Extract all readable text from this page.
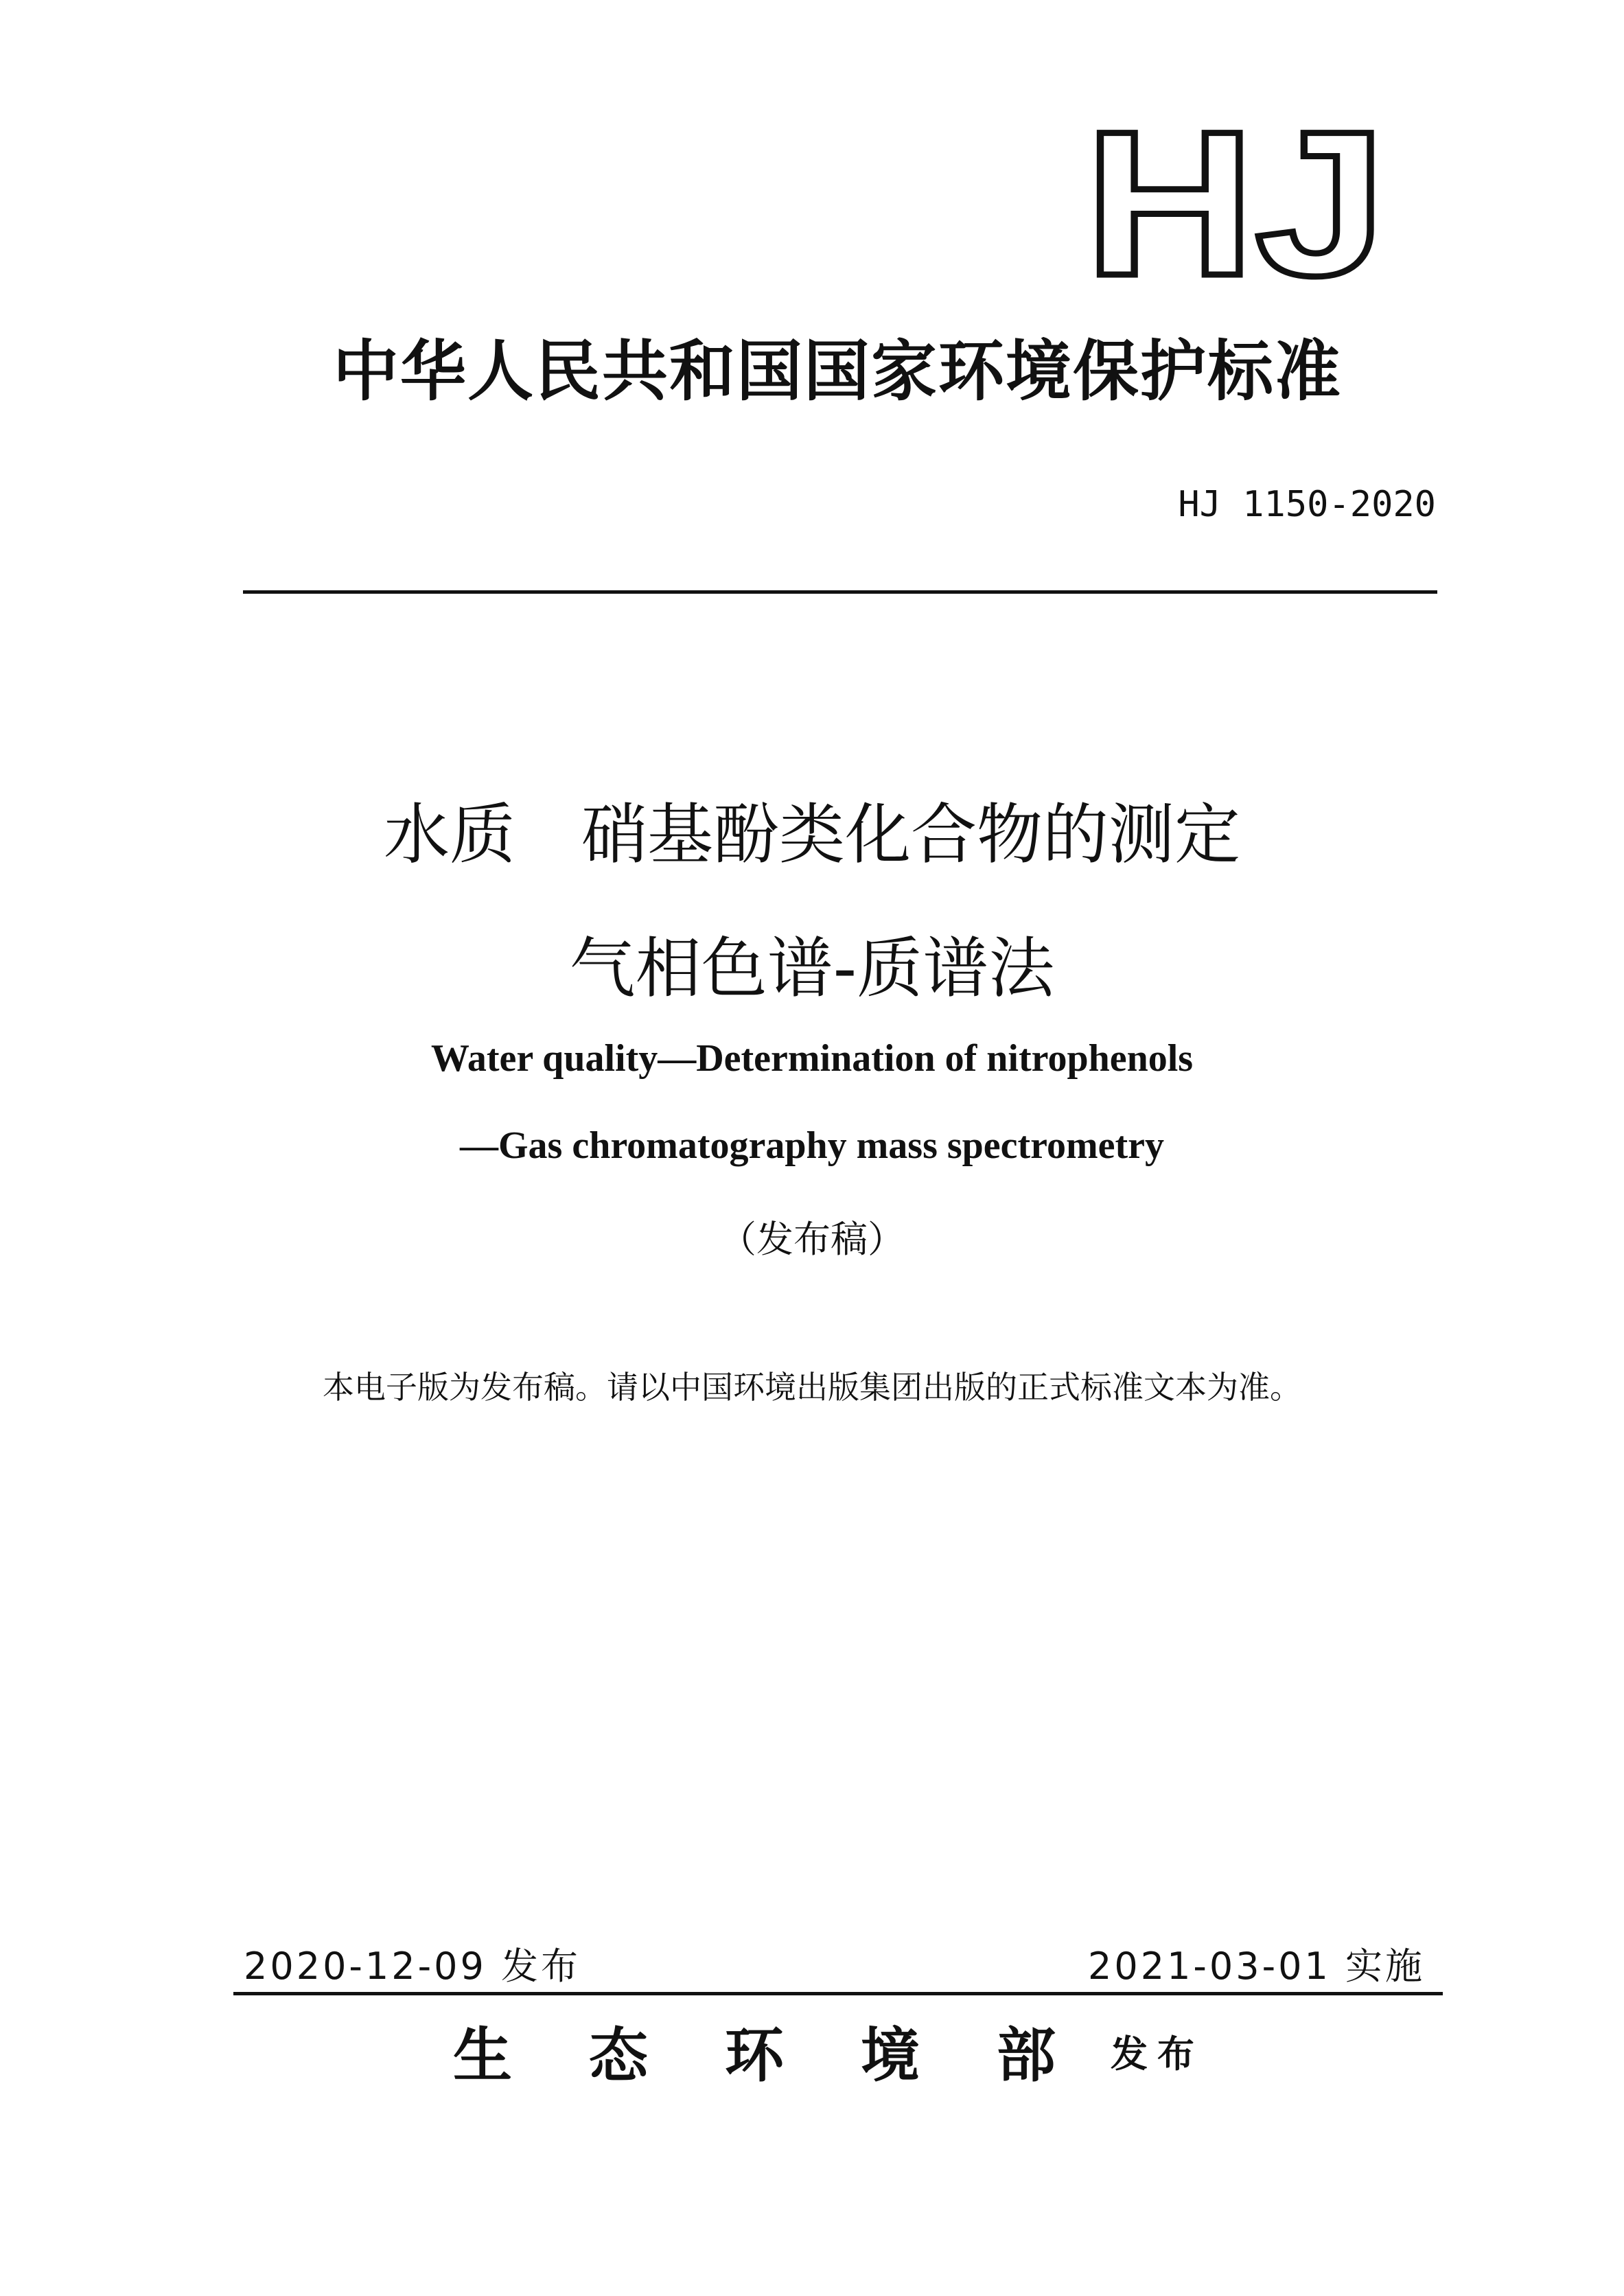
HJ
中华人民共和国国家环境保护标准
HJ 1150-2020
水质　硝基酚类化合物的测定
气相色谱-质谱法
Water quality—Determination of nitrophenols
—Gas chromatography mass spectrometry
（发布稿）
本电子版为发布稿。请以中国环境出版集团出版的正式标准文本为准。
2020-12-09 发布	2021-03-01 实施
生态环境部
发布
